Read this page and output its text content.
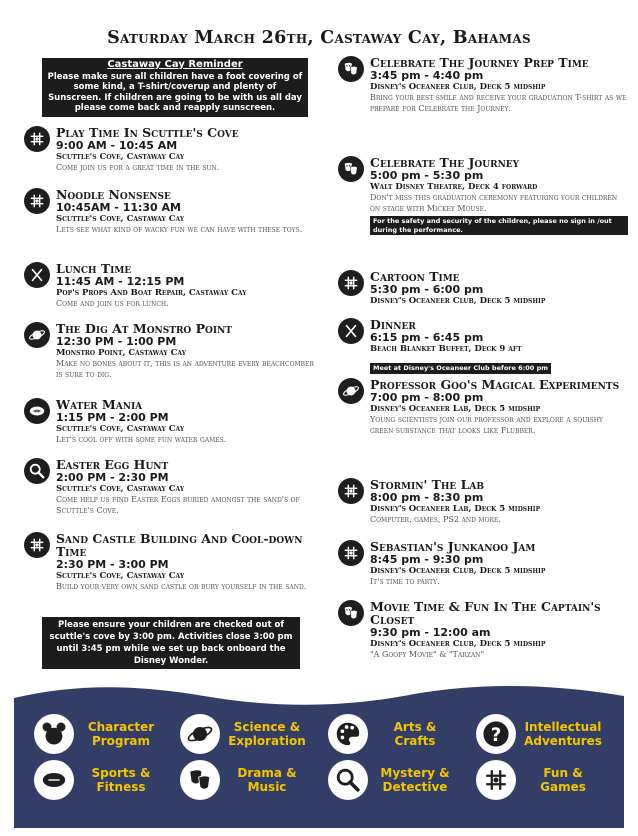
Saturday March 26th, Castaway Cay, Bahamas
Castaway Cay Reminder
Please make sure all children have a foot covering of some kind, a T-shirt/coverup and plenty of Sunscreen. If children are going to be with us all day please come back and reapply sunscreen.
Play Time In Scuttle's Cove
9:00 AM - 10:45 AM
Scuttle's Cove, Castaway Cay
Come join us for a great time in the sun.
Noodle Nonsense
10:45AM - 11:30 AM
Scuttle's Cove, Castaway Cay
Lets see what kind of wacky fun we can have with these toys.
Lunch Time
11:45 AM - 12:15 PM
Pop's Props And Boat Repair, Castaway Cay
Come and join us for lunch.
The Dig At Monstro Point
12:30 PM - 1:00 PM
Monstro Point, Castaway Cay
Make no bones about it, this is an adventure every beachcomber is sure to dig.
Water Mania
1:15 PM - 2:00 PM
Scuttle's Cove, Castaway Cay
Let's cool off with some fun water games.
Easter Egg Hunt
2:00 PM - 2:30 PM
Scuttle's Cove, Castaway Cay
Come help us find Easter Eggs buried amongst the sand's of Scuttle's Cove.
Sand Castle Building And Cool-down Time
2:30 PM - 3:00 PM
Scuttle's Cove, Castaway Cay
Build your very own sand castle or bury yourself in the sand.
Please ensure your children are checked out of scuttle's cove by 3:00 pm. Activities close 3:00 pm until 3:45 pm while we set up back onboard the Disney Wonder.
Celebrate The Journey Prep Time
3:45 pm - 4:40 pm
Disney's Oceaneer Club, Deck 5 midship
Bring your best smile and receive your graduation T-shirt as we prepare for Celebrate the Journey.
Celebrate The Journey
5:00 pm - 5:30 pm
Walt Disney Theatre, Deck 4 forward
Don't miss this graduation ceremony featuring your children on stage with Mickey Mouse.
For the safety and security of the children, please no sign in /out during the performance.
Cartoon Time
5:30 pm - 6:00 pm
Disney's Oceaneer Club, Deck 5 midship
Dinner
6:15 pm - 6:45 pm
Beach Blanket Buffet, Deck 9 aft
Meet at Disney's Oceaneer Club before 6:00 pm
Professor Goo's Magical Experiments
7:00 pm - 8:00 pm
Disney's Oceaneer Lab, Deck 5 midship
Young scientists join our professor and explore a squishy green substance that looks like Flubber.
Stormin' The Lab
8:00 pm - 8:30 pm
Disney's Oceaneer Lab, Deck 5 midship
Computer, games, PS2 and more.
Sebastian's Junkanoo Jam
8:45 pm - 9:30 pm
Disney's Oceaneer Club, Deck 5 midship
It's time to party.
Movie Time & Fun In The Captain's Closet
9:30 pm - 12:00 am
Disney's Oceaneer Club, Deck 5 midship
"A Goofy Movie" & "Tarzan"
Character Program
Science & Exploration
Arts & Crafts	? Intellectual Adventures
Sports & Fitness
Drama & Music
Mystery & Detective
Fun & Games
